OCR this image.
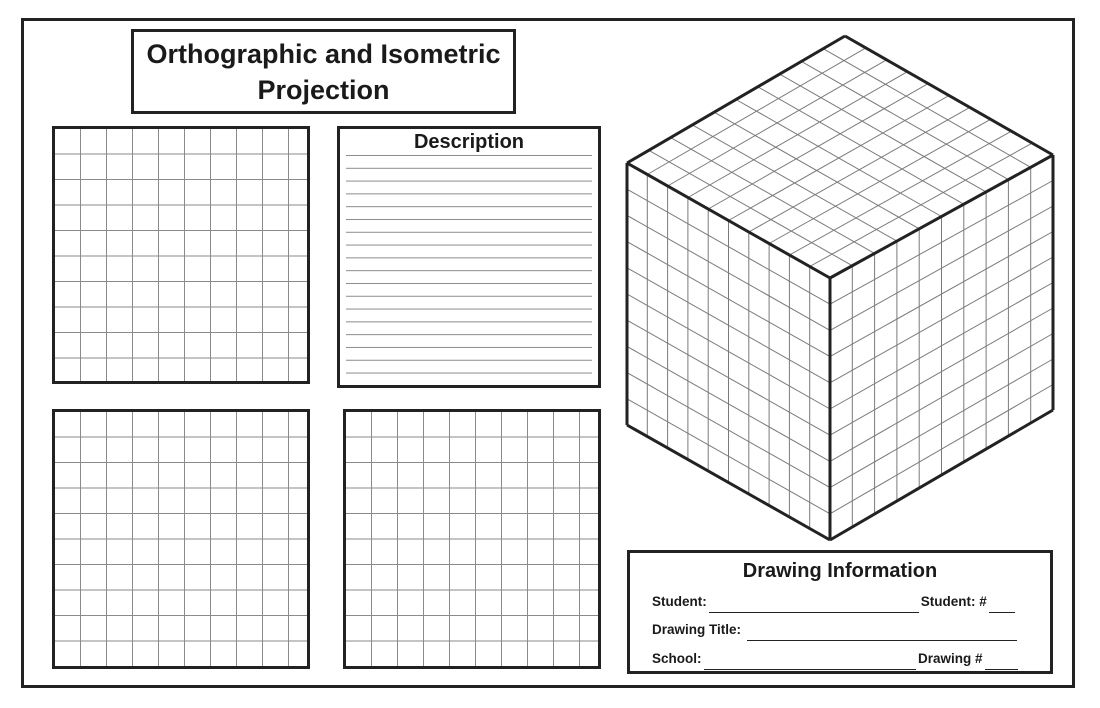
Orthographic and Isometric
Projection
Description
Drawing Information
Student:	Student: #
Drawing Title:
School:	Drawing #
